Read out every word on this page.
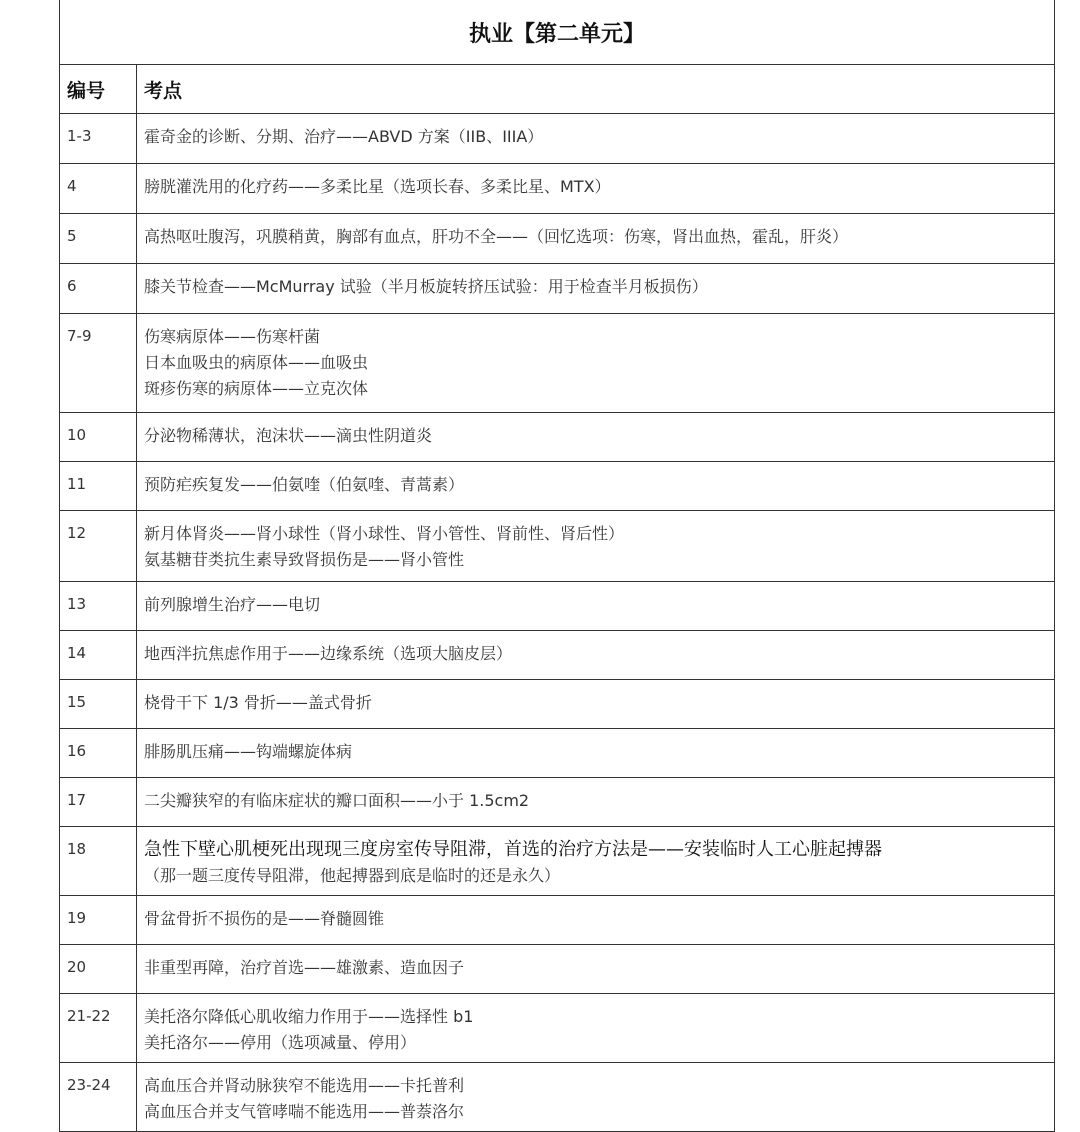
执业【第二单元】
编号	考点
1-3	霍奇金的诊断、分期、治疗——ABVD 方案（IIB、IIIA）
4	膀胱灌洗用的化疗药——多柔比星（选项长春、多柔比星、MTX）
5	高热呕吐腹泻，巩膜稍黄，胸部有血点，肝功不全——（回忆选项：伤寒，肾出血热，霍乱，肝炎）
6	膝关节检查——McMurray 试验（半月板旋转挤压试验：用于检查半月板损伤）
7-9	伤寒病原体——伤寒杆菌
日本血吸虫的病原体——血吸虫
斑疹伤寒的病原体——立克次体
10	分泌物稀薄状，泡沫状——滴虫性阴道炎
11	预防疟疾复发——伯氨喹（伯氨喹、青蒿素）
12	新月体肾炎——肾小球性（肾小球性、肾小管性、肾前性、肾后性）
氨基糖苷类抗生素导致肾损伤是——肾小管性
13	前列腺增生治疗——电切
14	地西泮抗焦虑作用于——边缘系统（选项大脑皮层）
15	桡骨干下 1/3 骨折——盖式骨折
16	腓肠肌压痛——钩端螺旋体病
17	二尖瓣狭窄的有临床症状的瓣口面积——小于 1.5cm2
18	急性下壁心肌梗死出现现三度房室传导阻滞，首选的治疗方法是——安装临时人工心脏起搏器
（那一题三度传导阻滞，他起搏器到底是临时的还是永久）
19	骨盆骨折不损伤的是——脊髓圆锥
20	非重型再障，治疗首选——雄激素、造血因子
21-22	美托洛尔降低心肌收缩力作用于——选择性 b1
美托洛尔——停用（选项减量、停用）
23-24	高血压合并肾动脉狭窄不能选用——卡托普利
高血压合并支气管哮喘不能选用——普萘洛尔
